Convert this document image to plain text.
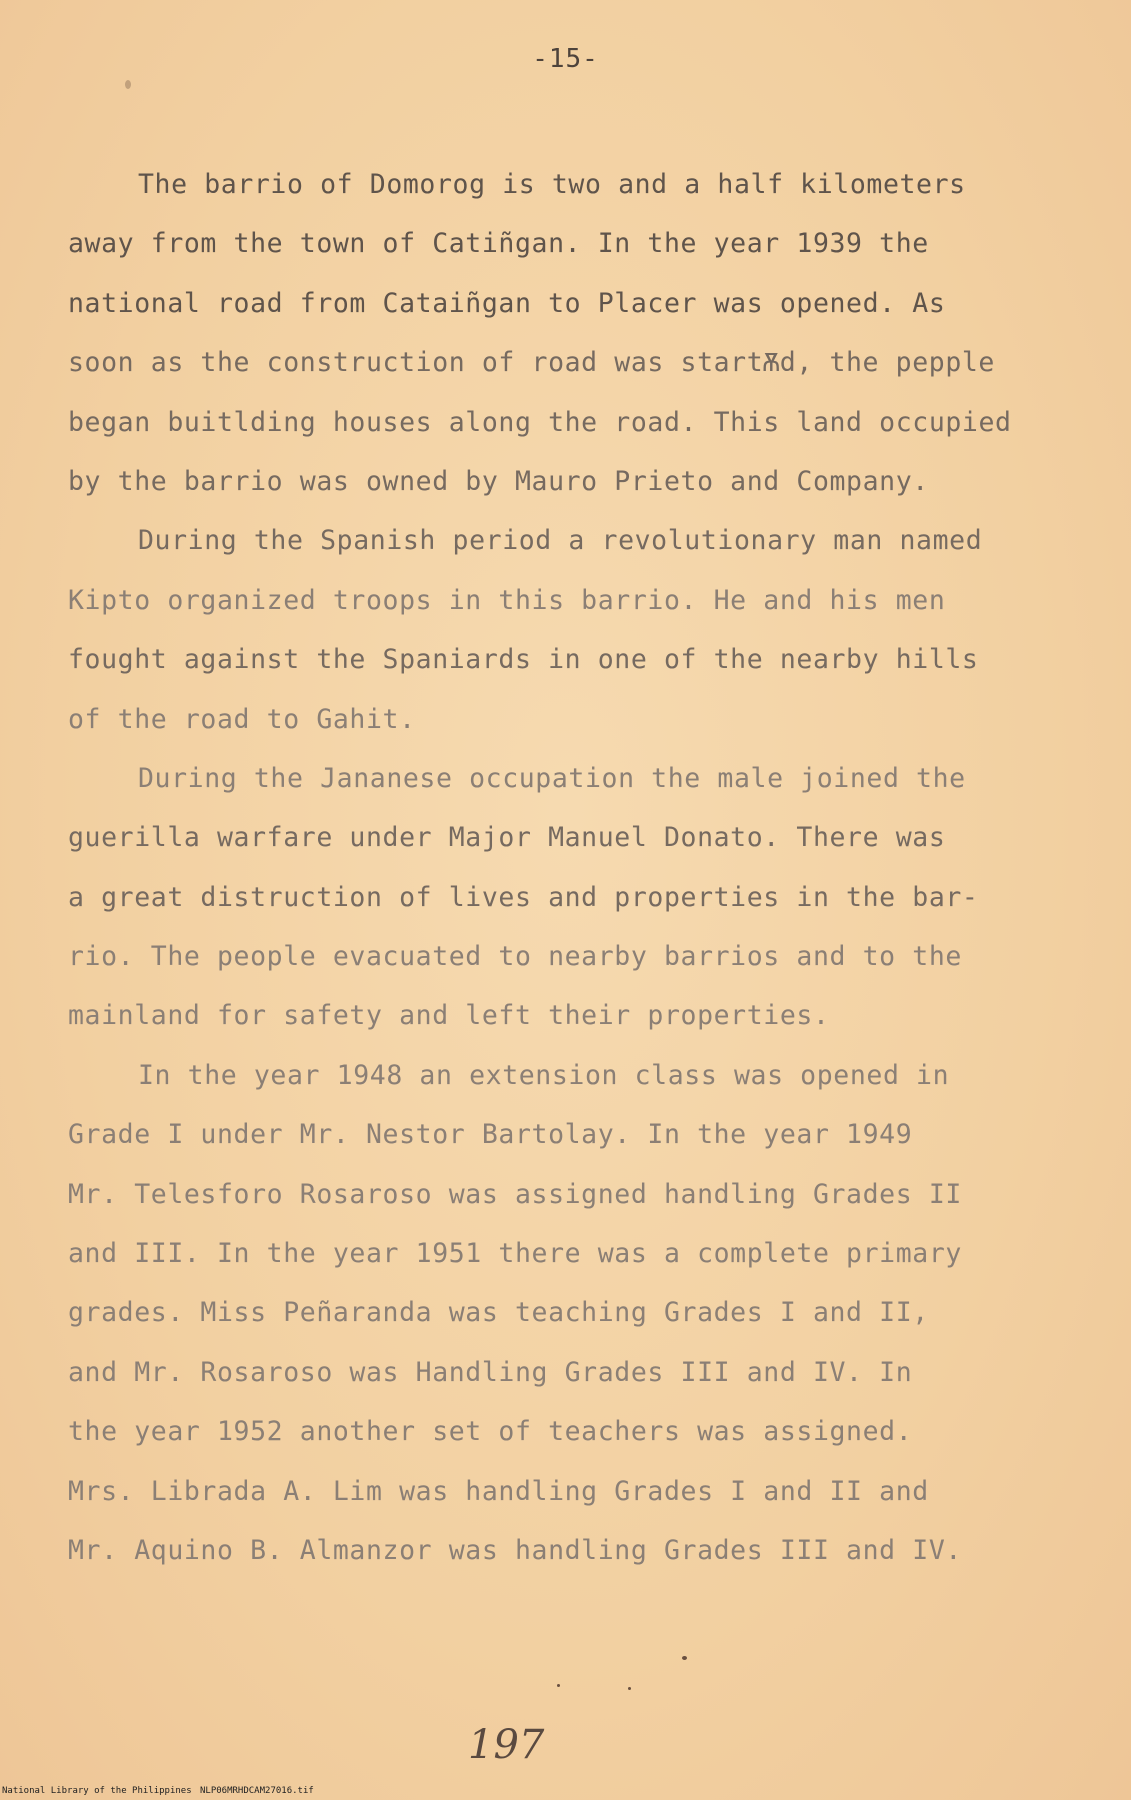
-15-
The barrio of Domorog is two and a half kilometers
away from the town of Catiñgan. In the year 1939 the
national road from Cataiñgan to Placer was opened. As
soon as the construction of road was startѪd, the pepple
began buitlding houses along the road. This land occupied
by the barrio was owned by Mauro Prieto and Company.
During the Spanish period a revolutionary man named
Kipto organized troops in this barrio. He and his men
fought against the Spaniards in one of the nearby hills
of the road to Gahit.
During the Jananese occupation the male joined the
guerilla warfare under Major Manuel Donato. There was
a great distruction of lives and properties in the bar-
rio. The people evacuated to nearby barrios and to the
mainland for safety and left their properties.
In the year 1948 an extension class was opened in
Grade I under Mr. Nestor Bartolay. In the year 1949
Mr. Telesforo Rosaroso was assigned handling Grades II
and III. In the year 1951 there was a complete primary
grades. Miss Peñaranda was teaching Grades I and II,
and Mr. Rosaroso was Handling Grades III and IV. In
the year 1952 another set of teachers was assigned.
Mrs. Librada A. Lim was handling Grades I and II and
Mr. Aquino B. Almanzor was handling Grades III and IV.
197
National Library of the Philippines NLP06MRHDCAM27016.tif
